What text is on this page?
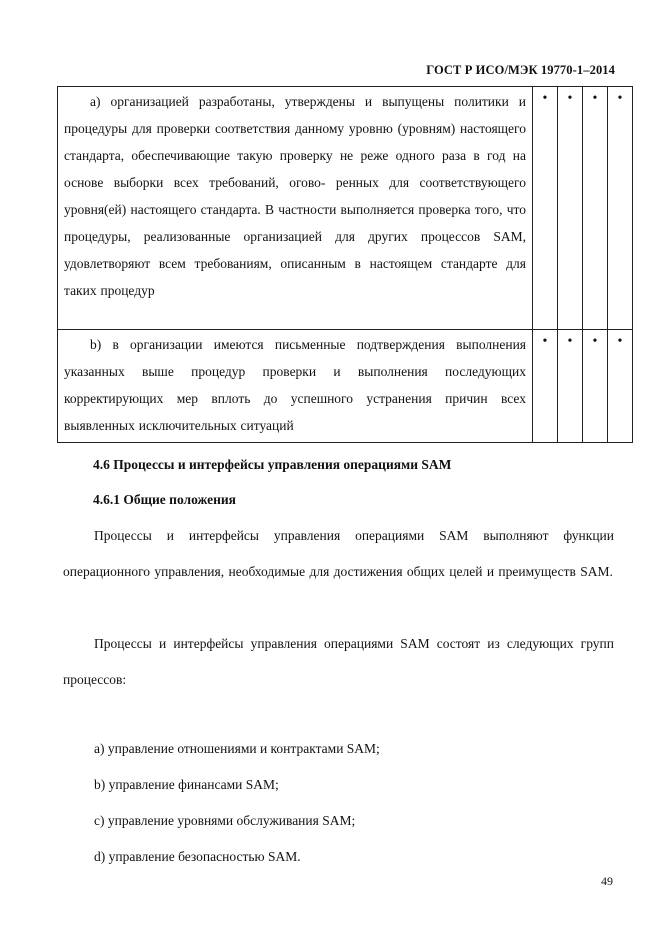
ГОСТ Р ИСО/МЭК 19770-1–2014
a) организацией разработаны, утверждены и выпущены политики и процедуры для проверки соответствия данному уровню (уровням) настоящего стандарта, обеспечивающие такую проверку не реже одного раза в год на основе выборки всех требований, огово- ренных для соответствующего уровня(ей) настоящего стандарта. В частности выполняется проверка того, что процедуры, реализованные организацией для других процессов SAM, удовлетворяют всем требованиям, описанным в настоящем стандарте для таких процедур	•	•	•	•
b) в организации имеются письменные подтверждения выполнения указанных выше процедур проверки и выполнения последующих корректирующих мер вплоть до успешного устранения причин всех выявленных исключительных ситуаций	•	•	•	•
4.6 Процессы и интерфейсы управления операциями SAM
4.6.1 Общие положения
Процессы и интерфейсы управления операциями SAM выполняют функции операционного управления, необходимые для достижения общих целей и преимуществ SAM.
Процессы и интерфейсы управления операциями SAM состоят из следующих групп процессов:
a) управление отношениями и контрактами SAM;
b) управление финансами SAM;
c) управление уровнями обслуживания SAM;
d) управление безопасностью SAM.
49
